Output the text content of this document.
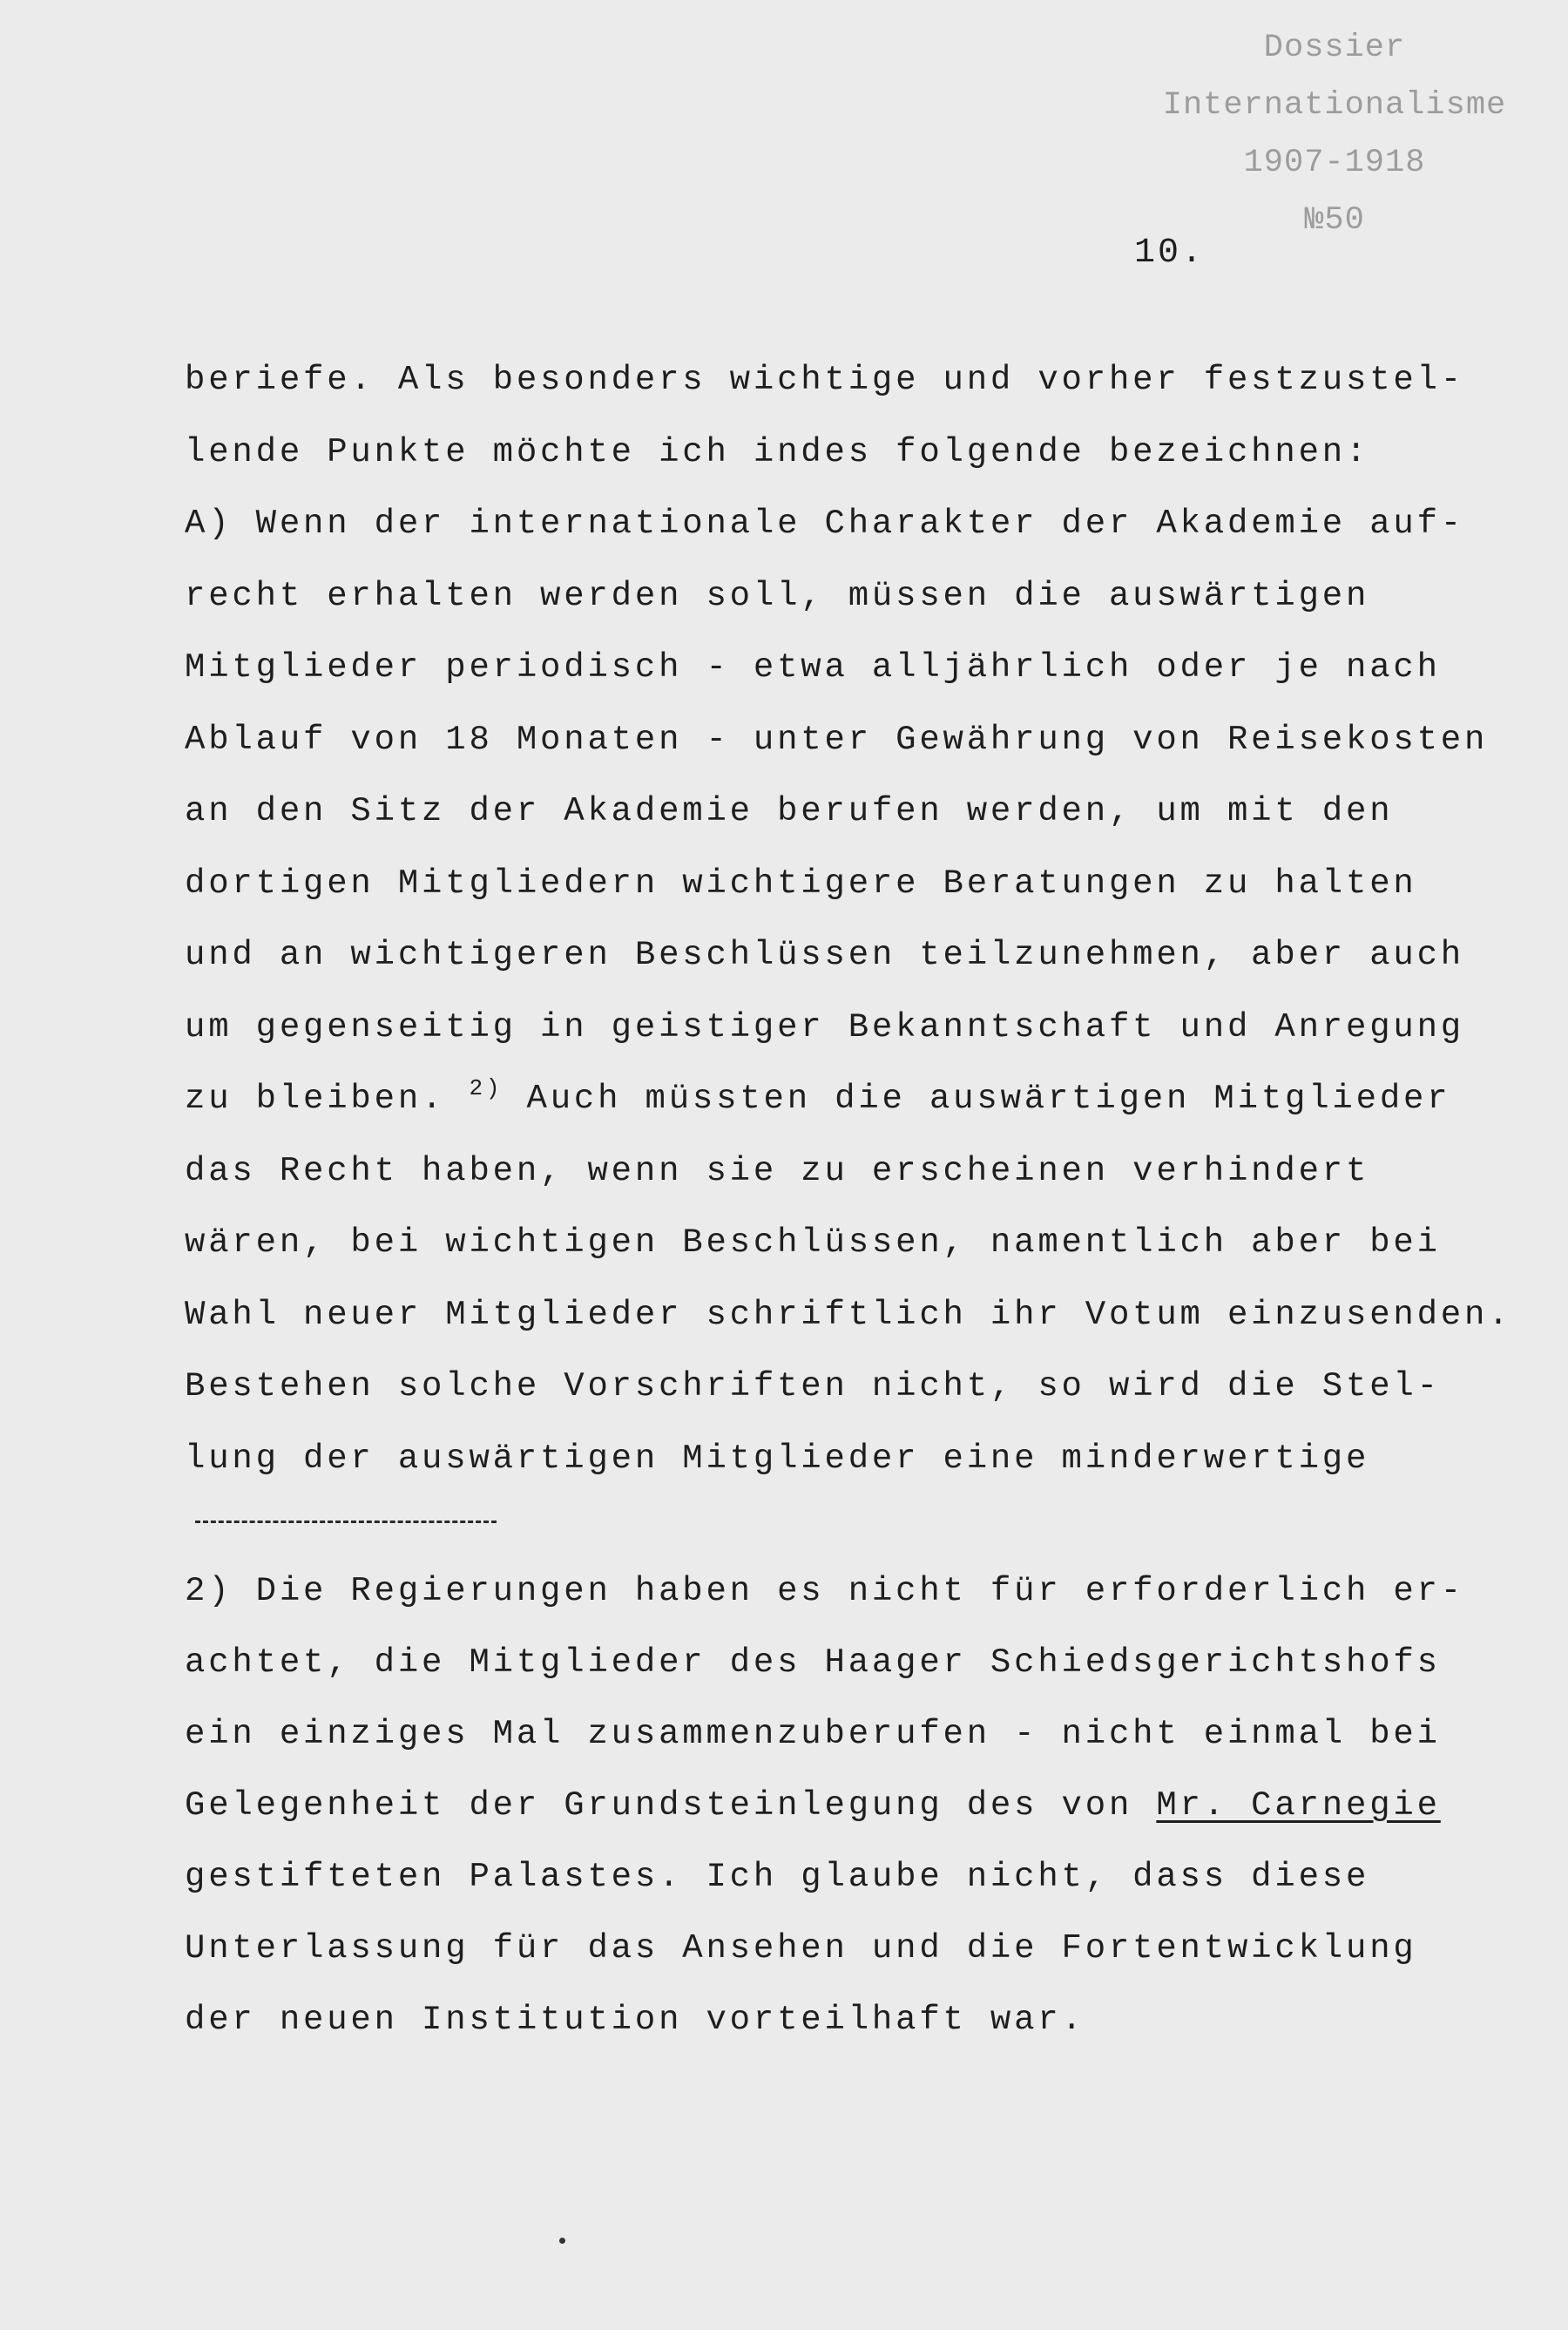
Dossier
Internationalisme
1907-1918
№50
10.
beriefe. Als besonders wichtige und vorher festzustel-
lende Punkte möchte ich indes folgende bezeichnen:
A) Wenn der internationale Charakter der Akademie auf-
recht erhalten werden soll, müssen die auswärtigen
Mitglieder periodisch - etwa alljährlich oder je nach
Ablauf von 18 Monaten - unter Gewährung von Reisekosten
an den Sitz der Akademie berufen werden, um mit den
dortigen Mitgliedern wichtigere Beratungen zu halten
und an wichtigeren Beschlüssen teilzunehmen, aber auch
um gegenseitig in geistiger Bekanntschaft und Anregung
zu bleiben. $^{2)}$ Auch müssten die auswärtigen Mitglieder
das Recht haben, wenn sie zu erscheinen verhindert
wären, bei wichtigen Beschlüssen, namentlich aber bei
Wahl neuer Mitglieder schriftlich ihr Votum einzusenden.
Bestehen solche Vorschriften nicht, so wird die Stel-
lung der auswärtigen Mitglieder eine minderwertige
2) Die Regierungen haben es nicht für erforderlich er-
achtet, die Mitglieder des Haager Schiedsgerichtshofs
ein einziges Mal zusammenzuberufen - nicht einmal bei
Gelegenheit der Grundsteinlegung des von Mr. Carnegie
gestifteten Palastes. Ich glaube nicht, dass diese
Unterlassung für das Ansehen und die Fortentwicklung
der neuen Institution vorteilhaft war.
